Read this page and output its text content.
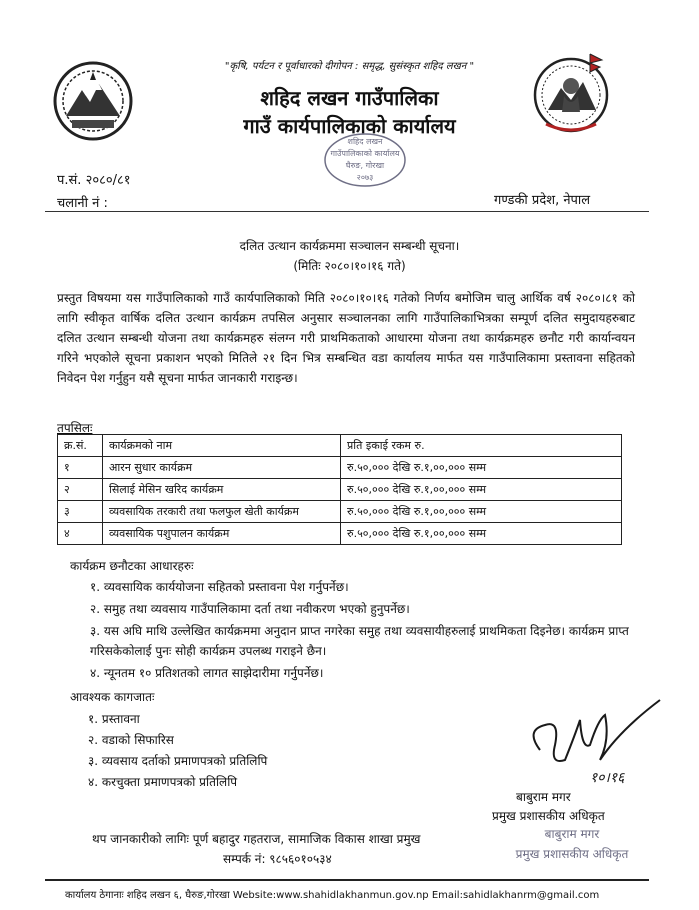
"कृषि, पर्यटन र पूर्वाधारको दीगोपन : समृद्ध, सुसंस्कृत शहिद लखन "
शहिद लखन गाउँपालिका
गाउँ कार्यपालिकाको कार्यालय
शहिद लखन
गाउँपालिकाको कार्यालय
घैरुङ, गोरखा
२०७३
प.सं. २०८०/८१
चलानी नं :	गण्डकी प्रदेश, नेपाल
दलित उत्थान कार्यक्रममा सञ्चालन सम्बन्धी सूचना।
(मितिः २०८०।१०।१६ गते)
प्रस्तुत विषयमा यस गाउँपालिकाको गाउँ कार्यपालिकाको मिति २०८०।१०।१६ गतेको निर्णय बमोजिम चालु आर्थिक वर्ष २०८०।८१ को लागि स्वीकृत वार्षिक दलित उत्थान कार्यक्रम तपसिल अनुसार सञ्चालनका लागि गाउँपालिकाभित्रका सम्पूर्ण दलित समुदायहरुबाट दलित उत्थान सम्बन्धी योजना तथा कार्यक्रमहरु संलग्न गरी प्राथमिकताको आधारमा योजना तथा कार्यक्रमहरु छनौट गरी कार्यान्वयन गरिने भएकोले सूचना प्रकाशन भएको मितिले २१ दिन भित्र सम्बन्धित वडा कार्यालय मार्फत यस गाउँपालिकामा प्रस्तावना सहितको निवेदन पेश गर्नुहुन यसै सूचना मार्फत जानकारी गराइन्छ।
तपसिलः
क्र.सं.	कार्यक्रमको नाम	प्रति इकाई रकम रु.
१	आरन सुधार कार्यक्रम	रु.५०,००० देखि रु.१,००,००० सम्म
२	सिलाई मेसिन खरिद कार्यक्रम	रु.५०,००० देखि रु.१,००,००० सम्म
३	व्यवसायिक तरकारी तथा फलफुल खेती कार्यक्रम	रु.५०,००० देखि रु.१,००,००० सम्म
४	व्यवसायिक पशुपालन कार्यक्रम	रु.५०,००० देखि रु.१,००,००० सम्म
कार्यक्रम छनौटका आधारहरुः
१. व्यवसायिक कार्ययोजना सहितको प्रस्तावना पेश गर्नुपर्नेछ।
२. समुह तथा व्यवसाय गाउँपालिकामा दर्ता तथा नवीकरण भएको हुनुपर्नेछ।
३. यस अघि माथि उल्लेखित कार्यक्रममा अनुदान प्राप्त नगरेका समुह तथा व्यवसायीहरुलाई प्राथमिकता दिइनेछ। कार्यक्रम प्राप्त गरिसकेकोलाई पुनः सोही कार्यक्रम उपलब्ध गराइने छैन।
४. न्यूनतम १० प्रतिशतको लागत साझेदारीमा गर्नुपर्नेछ।
आवश्यक कागजातः
१. प्रस्तावना
२. वडाको सिफारिस
३. व्यवसाय दर्ताको प्रमाणपत्रको प्रतिलिपि
४. करचुक्ता प्रमाणपत्रको प्रतिलिपि	१०।१६
बाबुराम मगर
प्रमुख प्रशासकीय अधिकृत
बाबुराम मगर
प्रमुख प्रशासकीय अधिकृत
थप जानकारीको लागिः पूर्ण बहादुर गहतराज, सामाजिक विकास शाखा प्रमुख
सम्पर्क नं: ९८५६०१०५३४
कार्यालय ठेगानाः शहिद लखन ६, घैरुङ,गोरखा Website:www.shahidlakhanmun.gov.np Email:sahidlakhanrm@gmail.com
